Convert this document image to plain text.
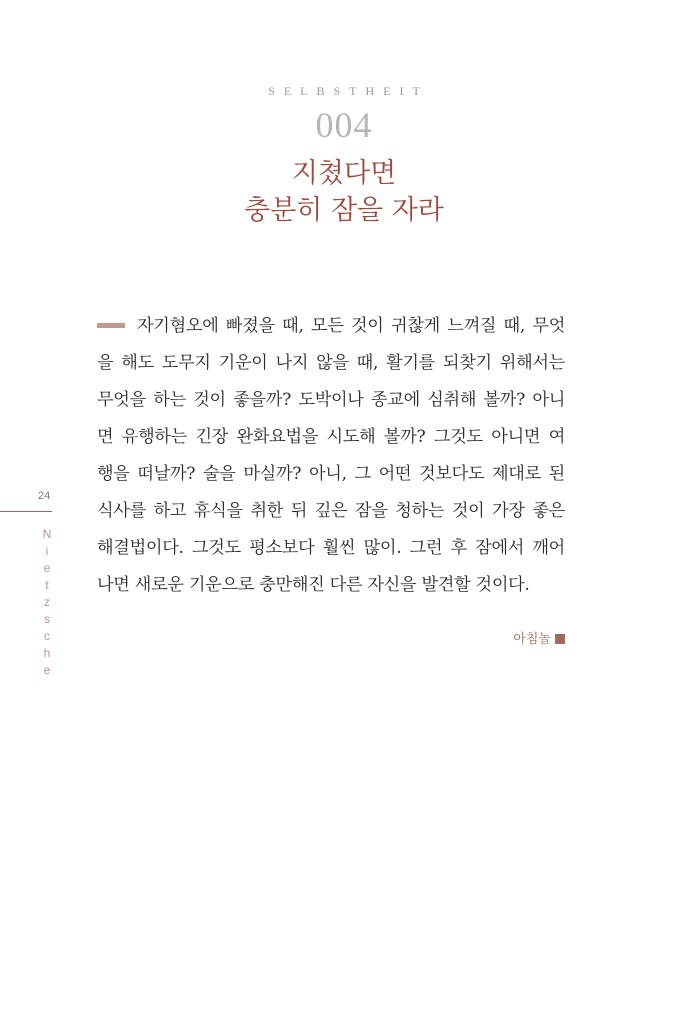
SELBSTHEIT
004
지쳤다면
충분히 잠을 자라
24
N
i
e
t
z
s
c
h
e
자기혐오에 빠졌을 때, 모든 것이 귀찮게 느껴질 때, 무엇
을 해도 도무지 기운이 나지 않을 때, 활기를 되찾기 위해서는
무엇을 하는 것이 좋을까? 도박이나 종교에 심취해 볼까? 아니
면 유행하는 긴장 완화요법을 시도해 볼까? 그것도 아니면 여
행을 떠날까? 술을 마실까? 아니, 그 어떤 것보다도 제대로 된
식사를 하고 휴식을 취한 뒤 깊은 잠을 청하는 것이 가장 좋은
해결법이다. 그것도 평소보다 훨씬 많이. 그런 후 잠에서 깨어
나면 새로운 기운으로 충만해진 다른 자신을 발견할 것이다.
아침놀
